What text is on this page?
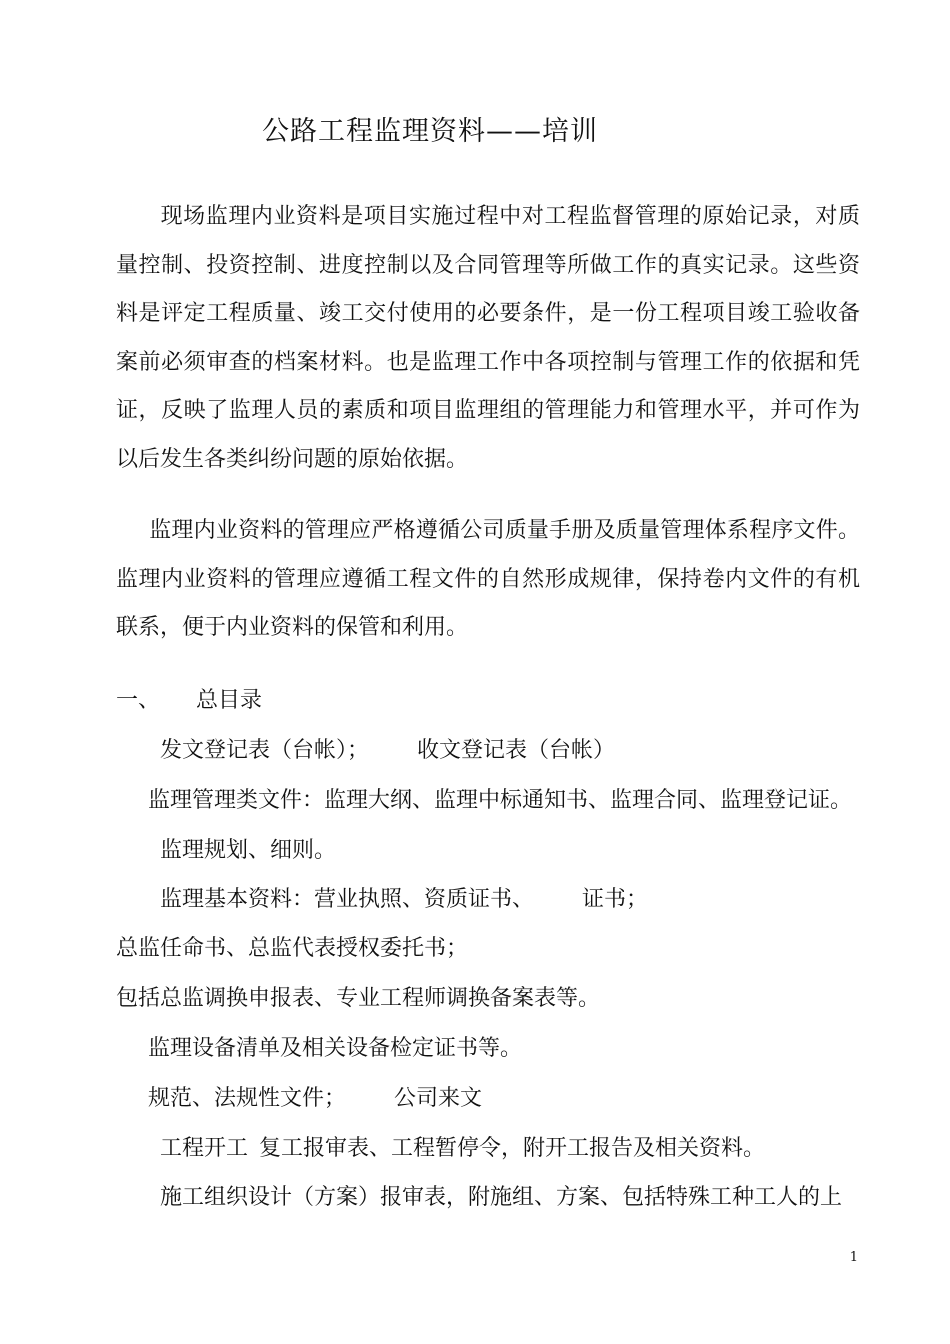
公路工程监理资料——培训
现场监理内业资料是项目实施过程中对工程监督管理的原始记录，对质量控制、投资控制、进度控制以及合同管理等所做工作的真实记录。这些资料是评定工程质量、竣工交付使用的必要条件，是一份工程项目竣工验收备案前必须审查的档案材料。也是监理工作中各项控制与管理工作的依据和凭证，反映了监理人员的素质和项目监理组的管理能力和管理水平，并可作为以后发生各类纠纷问题的原始依据。
监理内业资料的管理应严格遵循公司质量手册及质量管理体系程序文件。监理内业资料的管理应遵循工程文件的自然形成规律，保持卷内文件的有机联系，便于内业资料的保管和利用。
一、 总目录
发文登记表（台帐）； 收文登记表（台帐）
监理管理类文件：监理大纲、监理中标通知书、监理合同、监理登记证。
监理规划、细则。
监理基本资料：营业执照、资质证书、 证书；
总监任命书、总监代表授权委托书；
包括总监调换申报表、专业工程师调换备案表等。
监理设备清单及相关设备检定证书等。
规范、法规性文件； 公司来文
工程开工 复工报审表、工程暂停令，附开工报告及相关资料。
施工组织设计（方案）报审表，附施组、方案、包括特殊工种工人的上
1
